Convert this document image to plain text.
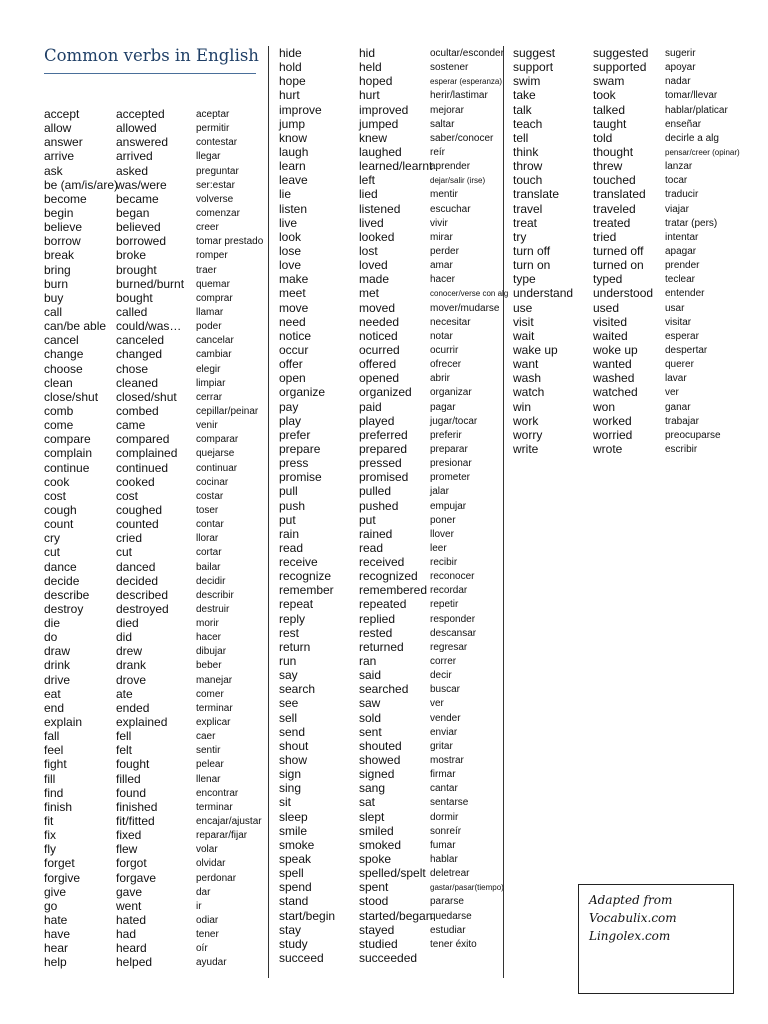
Common verbs in English
accept
allow
answer
arrive
ask
be (am/is/are)
become
begin
believe
borrow
break
bring
burn
buy
call
can/be able
cancel
change
choose
clean
close/shut
comb
come
compare
complain
continue
cook
cost
cough
count
cry
cut
dance
decide
describe
destroy
die
do
draw
drink
drive
eat
end
explain
fall
feel
fight
fill
find
finish
fit
fix
fly
forget
forgive
give
go
hate
have
hear
help
accepted
allowed
answered
arrived
asked
was/were
became
began
believed
borrowed
broke
brought
burned/burnt
bought
called
could/was…
canceled
changed
chose
cleaned
closed/shut
combed
came
compared
complained
continued
cooked
cost
coughed
counted
cried
cut
danced
decided
described
destroyed
died
did
drew
drank
drove
ate
ended
explained
fell
felt
fought
filled
found
finished
fit/fitted
fixed
flew
forgot
forgave
gave
went
hated
had
heard
helped
aceptar
permitir
contestar
llegar
preguntar
ser:estar
volverse
comenzar
creer
tomar prestado
romper
traer
quemar
comprar
llamar
poder
cancelar
cambiar
elegir
limpiar
cerrar
cepillar/peinar
venir
comparar
quejarse
continuar
cocinar
costar
toser
contar
llorar
cortar
bailar
decidir
describir
destruir
morir
hacer
dibujar
beber
manejar
comer
terminar
explicar
caer
sentir
pelear
llenar
encontrar
terminar
encajar/ajustar
reparar/fijar
volar
olvidar
perdonar
dar
ir
odiar
tener
oír
ayudar
hide
hold
hope
hurt
improve
jump
know
laugh
learn
leave
lie
listen
live
look
lose
love
make
meet
move
need
notice
occur
offer
open
organize
pay
play
prefer
prepare
press
promise
pull
push
put
rain
read
receive
recognize
remember
repeat
reply
rest
return
run
say
search
see
sell
send
shout
show
sign
sing
sit
sleep
smile
smoke
speak
spell
spend
stand
start/begin
stay
study
succeed
hid
held
hoped
hurt
improved
jumped
knew
laughed
learned/learnt
left
lied
listened
lived
looked
lost
loved
made
met
moved
needed
noticed
ocurred
offered
opened
organized
paid
played
preferred
prepared
pressed
promised
pulled
pushed
put
rained
read
received
recognized
remembered
repeated
replied
rested
returned
ran
said
searched
saw
sold
sent
shouted
showed
signed
sang
sat
slept
smiled
smoked
spoke
spelled/spelt
spent
stood
started/began
stayed
studied
succeeded
ocultar/esconder
sostener
esperar (esperanza)
herir/lastimar
mejorar
saltar
saber/conocer
reír
aprender
dejar/salir (irse)
mentir
escuchar
vivir
mirar
perder
amar
hacer
conocer/verse con alg
mover/mudarse
necesitar
notar
ocurrir
ofrecer
abrir
organizar
pagar
jugar/tocar
preferir
preparar
presionar
prometer
jalar
empujar
poner
llover
leer
recibir
reconocer
recordar
repetir
responder
descansar
regresar
correr
decir
buscar
ver
vender
enviar
gritar
mostrar
firmar
cantar
sentarse
dormir
sonreír
fumar
hablar
deletrear
gastar/pasar(tiempo)
pararse
quedarse
estudiar
tener éxito
suggest
support
swim
take
talk
teach
tell
think
throw
touch
translate
travel
treat
try
turn off
turn on
type
understand
use
visit
wait
wake up
want
wash
watch
win
work
worry
write
suggested
supported
swam
took
talked
taught
told
thought
threw
touched
translated
traveled
treated
tried
turned off
turned on
typed
understood
used
visited
waited
woke up
wanted
washed
watched
won
worked
worried
wrote
sugerir
apoyar
nadar
tomar/llevar
hablar/platicar
enseñar
decirle a alg
pensar/creer (opinar)
lanzar
tocar
traducir
viajar
tratar (pers)
intentar
apagar
prender
teclear
entender
usar
visitar
esperar
despertar
querer
lavar
ver
ganar
trabajar
preocuparse
escribir
Adapted from
Vocabulix.com
Lingolex.com
